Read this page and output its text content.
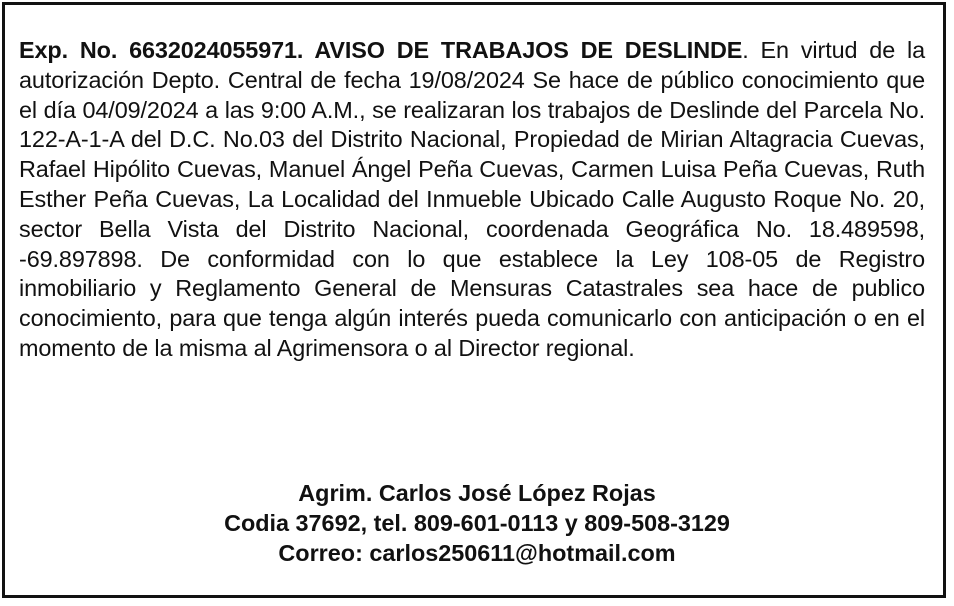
Exp. No. 6632024055971. AVISO DE TRABAJOS DE DESLINDE. En virtud de la autorización Depto. Central de fecha 19/08/2024 Se hace de público conocimiento que el día 04/09/2024 a las 9:00 A.M., se realizaran los trabajos de Deslinde del Parcela No. 122-A-1-A del D.C. No.03 del Distrito Nacional, Propiedad de Mirian Altagracia Cuevas, Rafael Hipólito Cuevas, Manuel Ángel Peña Cuevas, Carmen Luisa Peña Cuevas, Ruth Esther Peña Cuevas, La Localidad del Inmueble Ubicado Calle Augusto Roque No. 20, sector Bella Vista del Distrito Nacional, coordenada Geográfica No. 18.489598, -69.897898. De conformidad con lo que establece la Ley 108-05 de Registro inmobiliario y Reglamento General de Mensuras Catastrales sea hace de publico conocimiento, para que tenga algún interés pueda comunicarlo con anticipación o en el momento de la misma al Agrimensora o al Director regional.

Agrim. Carlos José López Rojas
Codia 37692, tel. 809-601-0113 y 809-508-3129
Correo: carlos250611@hotmail.com
